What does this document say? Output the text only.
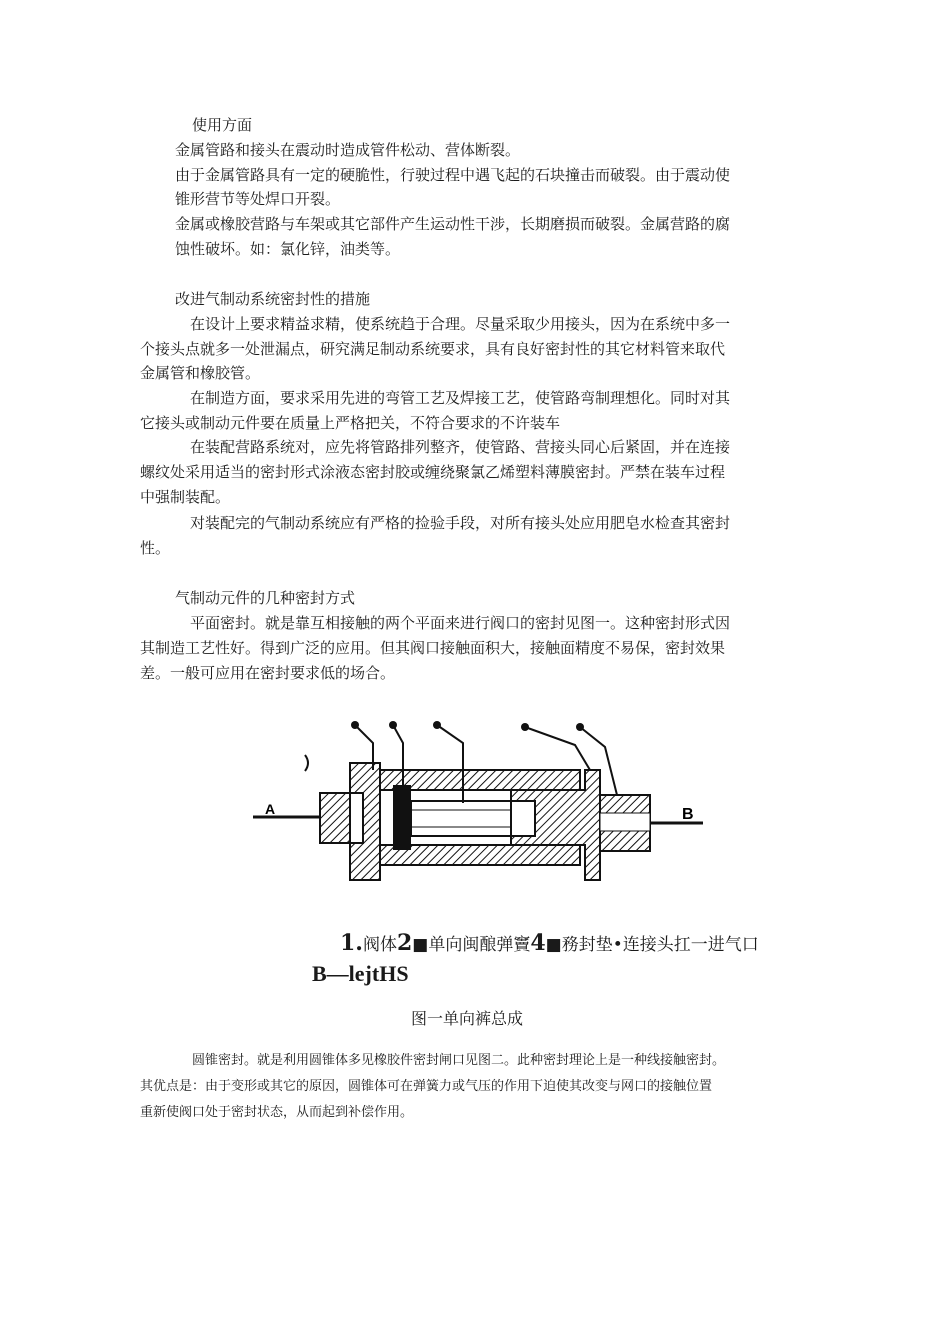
使用方面
金属管路和接头在震动时造成管件松动、营体断裂。
由于金属管路具有一定的硬脆性，行驶过程中遇飞起的石块撞击而破裂。由于震动使
锥形营节等处焊口开裂。
金属或橡胶营路与车架或其它部件产生运动性干涉，长期磨损而破裂。金属营路的腐
蚀性破坏。如：氯化锌，油类等。
改进气制动系统密封性的措施
在设计上要求精益求精，使系统趋于合理。尽量采取少用接头，因为在系统中多一
个接头点就多一处泄漏点，研究满足制动系统要求，具有良好密封性的其它材料管来取代
金属管和橡胶管。
在制造方面，要求采用先进的弯管工艺及焊接工艺，使管路弯制理想化。同时对其
它接头或制动元件要在质量上严格把关，不符合要求的不许装车
在装配营路系统对，应先将管路排列整齐，使管路、营接头同心后紧固，并在连接
螺纹处采用适当的密封形式涂液态密封胶或缠绕聚氯乙烯塑料薄膜密封。严禁在装车过程
中强制装配。
对装配完的气制动系统应有严格的捡验手段，对所有接头处应用肥皂水检查其密封
性。
气制动元件的几种密封方式
平面密封。就是靠互相接触的两个平面来进行阀口的密封见图一。这种密封形式因
其制造工艺性好。得到广泛的应用。但其阀口接触面积大，接触面精度不易保，密封效果
差。一般可应用在密封要求低的场合。
A	B
1.阀体2■单向闽酿弹竇4■務封垫•连接头扛一进气口
B—lejtHS
图一单向裤总成
圆锥密封。就是利用圆锥体多见橡胶件密封闸口见图二。此种密封理论上是一种线接触密封。
其优点是：由于变形或其它的原因，圆锥体可在弹簧力或气压的作用下迫使其改变与网口的接触位置
重新使阀口处于密封状态，从而起到补偿作用。
